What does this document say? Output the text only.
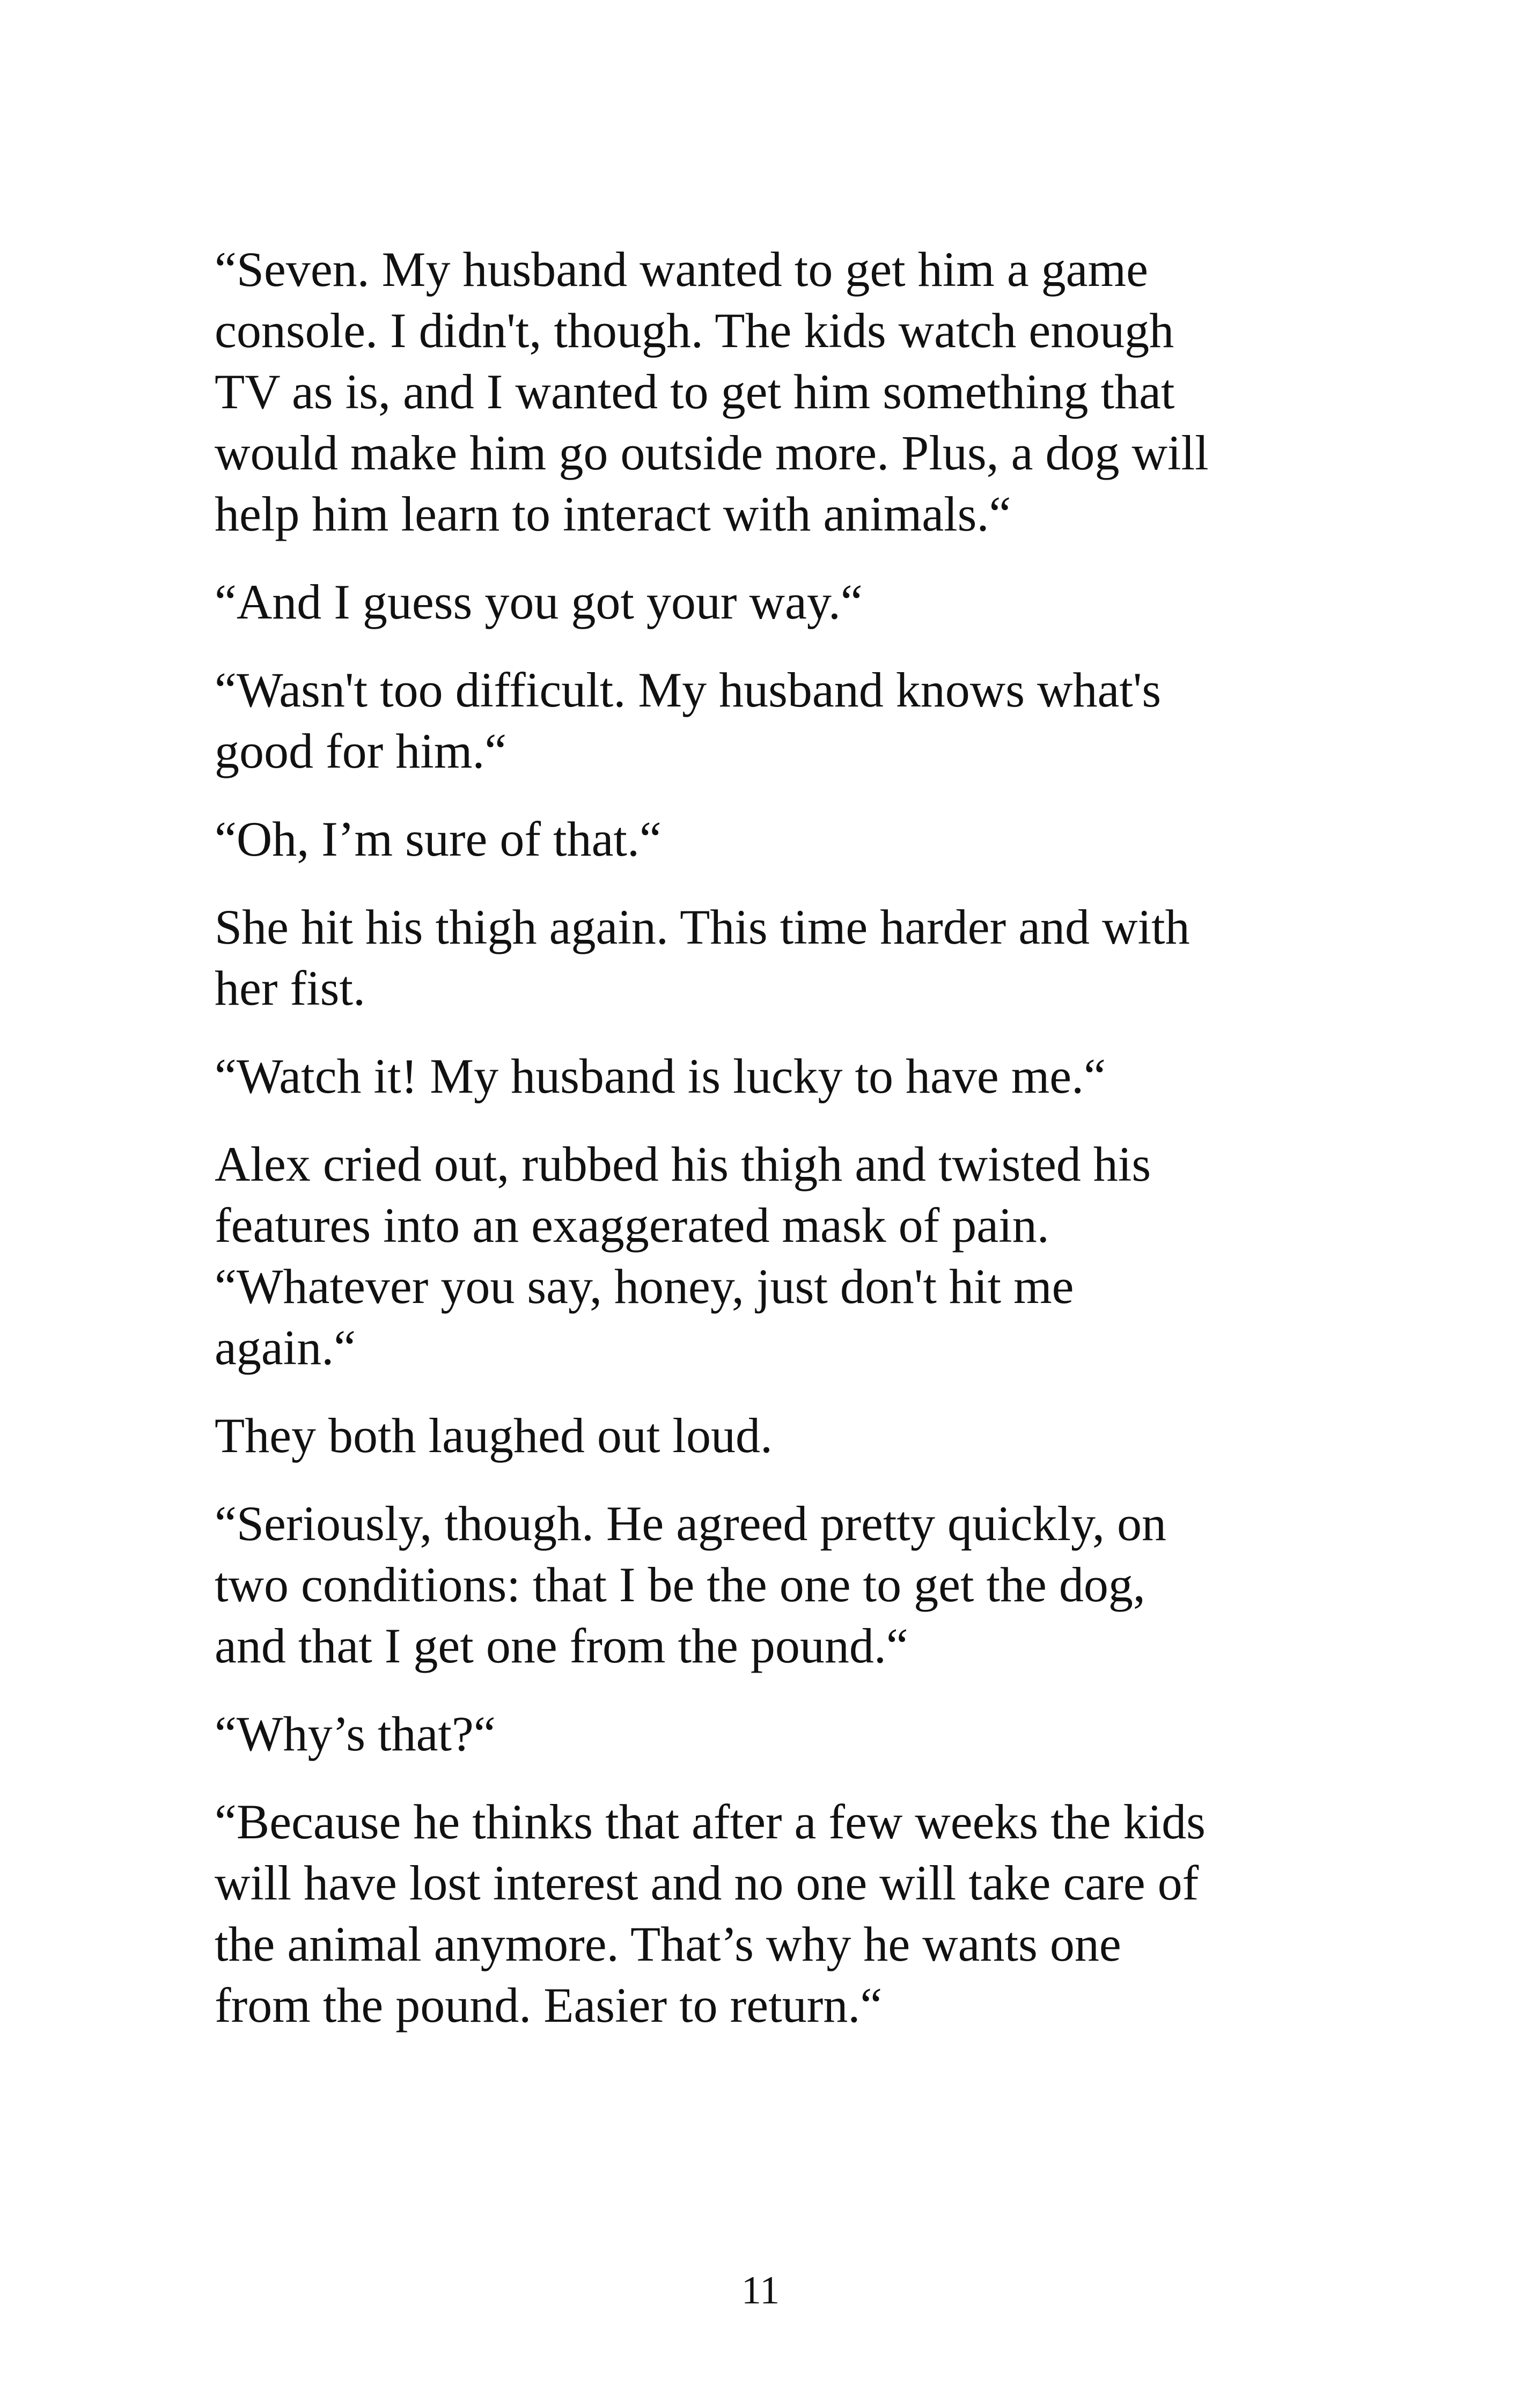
“Seven. My husband wanted to get him a game
console. I didn't, though. The kids watch enough
TV as is, and I wanted to get him something that
would make him go outside more. Plus, a dog will
help him learn to interact with animals.“

“And I guess you got your way.“

“Wasn't too difficult. My husband knows what's
good for him.“

“Oh, I’m sure of that.“

She hit his thigh again. This time harder and with
her fist.

“Watch it! My husband is lucky to have me.“

Alex cried out, rubbed his thigh and twisted his
features into an exaggerated mask of pain.
“Whatever you say, honey, just don't hit me
again.“

They both laughed out loud.

“Seriously, though. He agreed pretty quickly, on
two conditions: that I be the one to get the dog,
and that I get one from the pound.“

“Why’s that?“

“Because he thinks that after a few weeks the kids
will have lost interest and no one will take care of
the animal anymore. That’s why he wants one
from the pound. Easier to return.“

11
